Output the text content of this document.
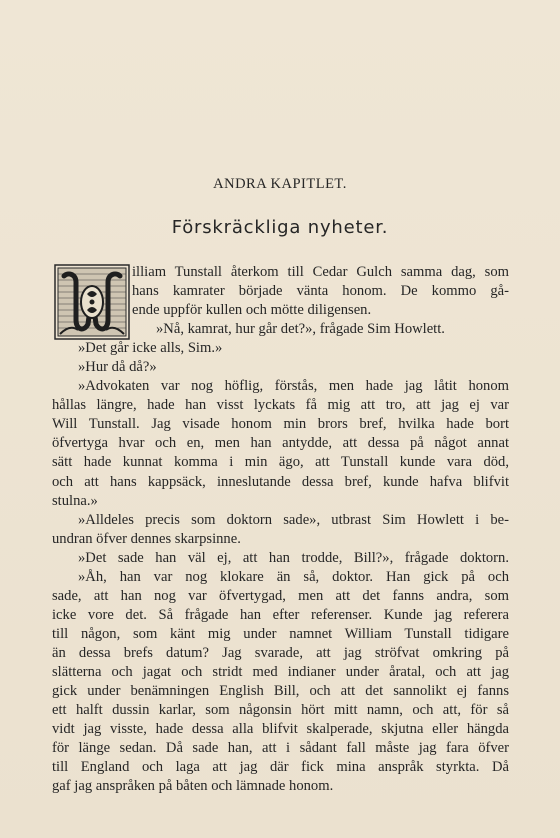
ANDRA KAPITLET.
Förskräckliga nyheter.
illiam Tunstall återkom till Cedar Gulch samma dag, som
hans kamrater började vänta honom. De kommo gå-
ende uppför kullen och mötte diligensen.
»Nå, kamrat, hur går det?», frågade Sim Howlett.
»Det går icke alls, Sim.»
»Hur då då?»
»Advokaten var nog höflig, förstås, men hade jag låtit honom
hållas längre, hade han visst lyckats få mig att tro, att jag ej var
Will Tunstall. Jag visade honom min brors bref, hvilka hade bort
öfvertyga hvar och en, men han antydde, att dessa på något annat
sätt hade kunnat komma i min ägo, att Tunstall kunde vara död,
och att hans kappsäck, inneslutande dessa bref, kunde hafva blifvit
stulna.»
»Alldeles precis som doktorn sade», utbrast Sim Howlett i be-
undran öfver dennes skarpsinne.
»Det sade han väl ej, att han trodde, Bill?», frågade doktorn.
»Åh, han var nog klokare än så, doktor. Han gick på och
sade, att han nog var öfvertygad, men att det fanns andra, som
icke vore det. Så frågade han efter referenser. Kunde jag referera
till någon, som känt mig under namnet William Tunstall tidigare
än dessa brefs datum? Jag svarade, att jag ströfvat omkring på
slätterna och jagat och stridt med indianer under åratal, och att jag
gick under benämningen English Bill, och att det sannolikt ej fanns
ett halft dussin karlar, som någonsin hört mitt namn, och att, för så
vidt jag visste, hade dessa alla blifvit skalperade, skjutna eller hängda
för länge sedan. Då sade han, att i sådant fall måste jag fara öfver
till England och laga att jag där fick mina anspråk styrkta. Då
gaf jag anspråken på båten och lämnade honom.
